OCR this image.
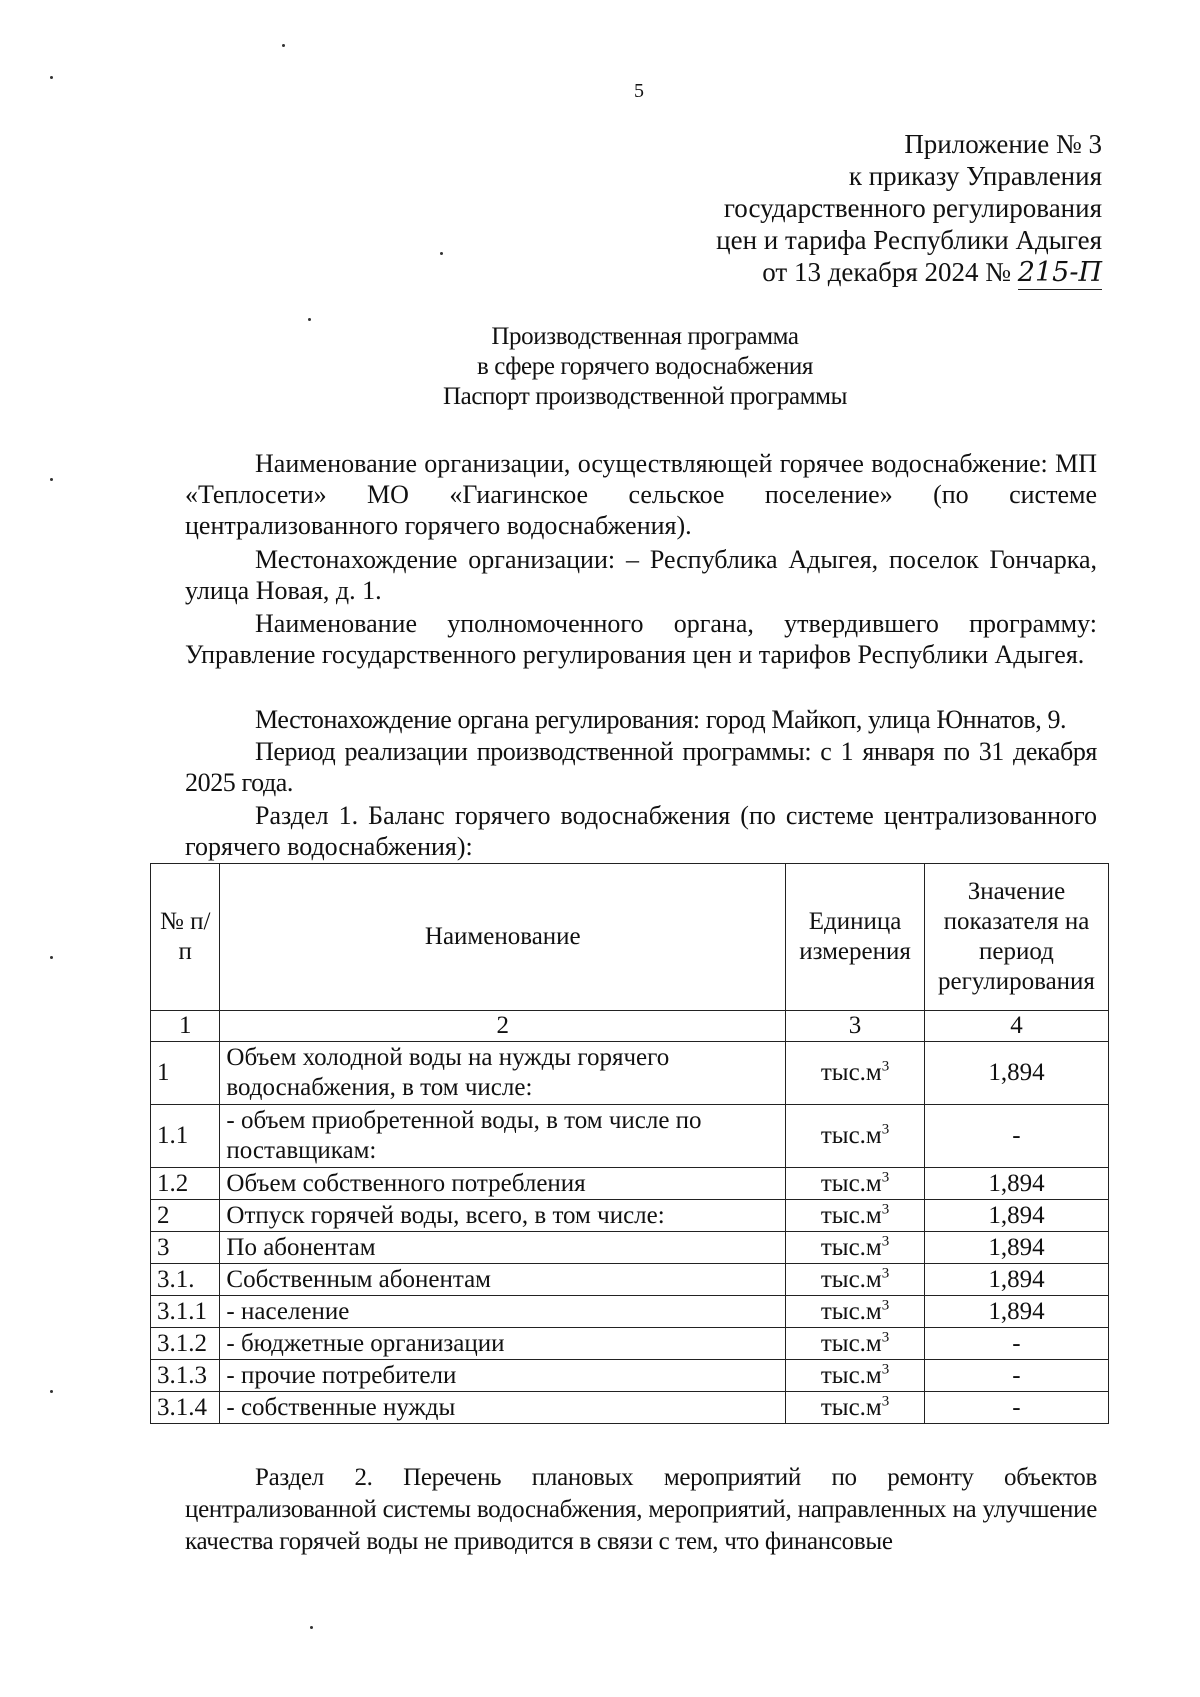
5
Приложение № 3
к приказу Управления
государственного регулирования
цен и тарифа Республики Адыгея
от 13 декабря 2024 № 215-П
Производственная программа
в сфере горячего водоснабжения
Паспорт производственной программы

Наименование организации, осуществляющей горячее водоснабжение: МП «Теплосети» МО «Гиагинское сельское поселение» (по системе централизованного горячего водоснабжения).

Местонахождение организации: – Республика Адыгея, поселок Гончарка, улица Новая, д. 1.

Наименование уполномоченного органа, утвердившего программу: Управление государственного регулирования цен и тарифов Республики Адыгея.

Местонахождение органа регулирования: город Майкоп, улица Юннатов, 9.

Период реализации производственной программы: с 1 января по 31 декабря 2025 года.

Раздел 1. Баланс горячего водоснабжения (по системе централизованного горячего водоснабжения):

№ п/п	Наименование	Единица измерения	Значение показателя на период регулирования
1	2	3	4
1	Объем холодной воды на нужды горячего водоснабжения, в том числе:	$тыс.м^3$	1,894
1.1	- объем приобретенной воды, в том числе по поставщикам:	$тыс.м^3$	-
1.2	Объем собственного потребления	$тыс.м^3$	1,894
2	Отпуск горячей воды, всего, в том числе:	$тыс.м^3$	1,894
3	По абонентам	$тыс.м^3$	1,894
3.1.	Собственным абонентам	$тыс.м^3$	1,894
3.1.1	- население	$тыс.м^3$	1,894
3.1.2	- бюджетные организации	$тыс.м^3$	-
3.1.3	- прочие потребители	$тыс.м^3$	-
3.1.4	- собственные нужды	$тыс.м^3$	-

Раздел 2. Перечень плановых мероприятий по ремонту объектов централизованной системы водоснабжения, мероприятий, направленных на улучшение качества горячей воды не приводится в связи с тем, что финансовые
